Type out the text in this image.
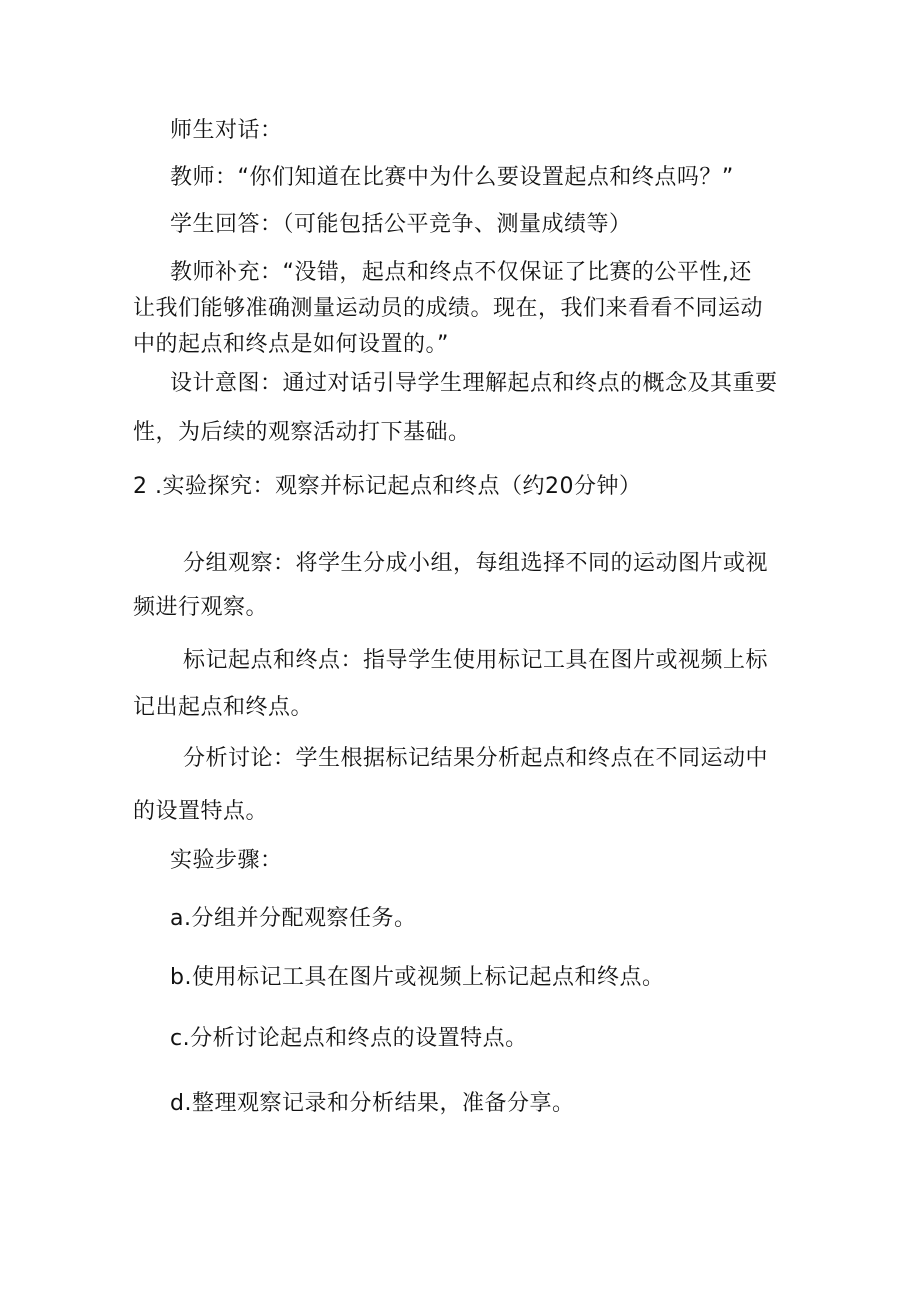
师生对话：
教师：“你们知道在比赛中为什么要设置起点和终点吗？”
学生回答：（可能包括公平竞争、测量成绩等）
教师补充：“没错，起点和终点不仅保证了比赛的公平性,还
让我们能够准确测量运动员的成绩。现在，我们来看看不同运动
中的起点和终点是如何设置的。”
设计意图：通过对话引导学生理解起点和终点的概念及其重要
性，为后续的观察活动打下基础。
2 .实验探究：观察并标记起点和终点（约20分钟）
分组观察：将学生分成小组，每组选择不同的运动图片或视
频进行观察。
标记起点和终点：指导学生使用标记工具在图片或视频上标
记出起点和终点。
分析讨论：学生根据标记结果分析起点和终点在不同运动中
的设置特点。
实验步骤：
a.分组并分配观察任务。
b.使用标记工具在图片或视频上标记起点和终点。
c.分析讨论起点和终点的设置特点。
d.整理观察记录和分析结果，准备分享。
